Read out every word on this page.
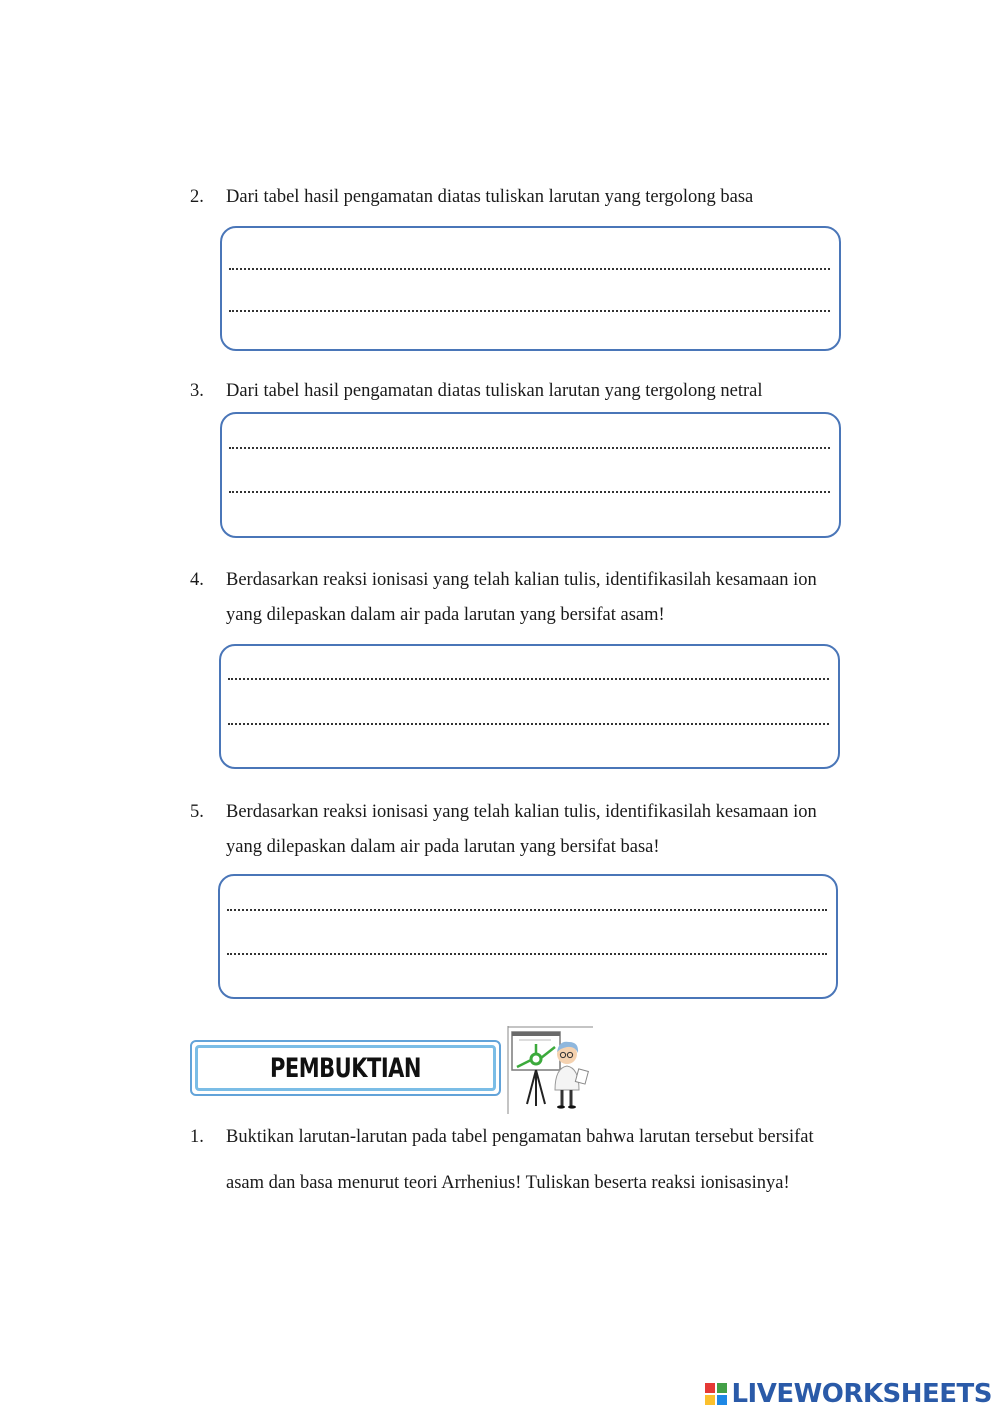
2. Dari tabel hasil pengamatan diatas tuliskan larutan yang tergolong basa
3. Dari tabel hasil pengamatan diatas tuliskan larutan yang tergolong netral
4. Berdasarkan reaksi ionisasi yang telah kalian tulis, identifikasilah kesamaan ion yang dilepaskan dalam air pada larutan yang bersifat asam!
5. Berdasarkan reaksi ionisasi yang telah kalian tulis, identifikasilah kesamaan ion yang dilepaskan dalam air pada larutan yang bersifat basa!
PEMBUKTIAN
1. Buktikan larutan-larutan pada tabel pengamatan bahwa larutan tersebut bersifat asam dan basa menurut teori Arrhenius! Tuliskan beserta reaksi ionisasinya!
LIVEWORKSHEETS
